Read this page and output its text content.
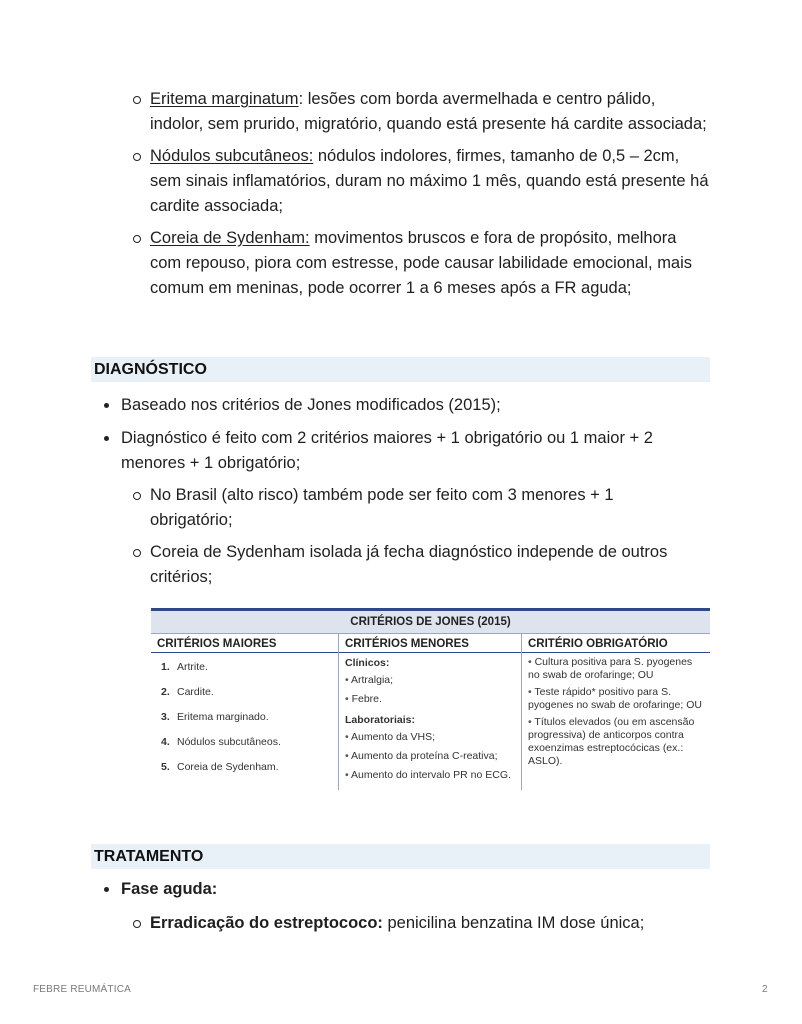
Eritema marginatum: lesões com borda avermelhada e centro pálido, indolor, sem prurido, migratório, quando está presente há cardite associada;
Nódulos subcutâneos: nódulos indolores, firmes, tamanho de 0,5 – 2cm, sem sinais inflamatórios, duram no máximo 1 mês, quando está presente há cardite associada;
Coreia de Sydenham: movimentos bruscos e fora de propósito, melhora com repouso, piora com estresse, pode causar labilidade emocional, mais comum em meninas, pode ocorrer 1 a 6 meses após a FR aguda;
DIAGNÓSTICO
Baseado nos critérios de Jones modificados (2015);
Diagnóstico é feito com 2 critérios maiores + 1 obrigatório ou 1 maior + 2 menores + 1 obrigatório;
No Brasil (alto risco) também pode ser feito com 3 menores + 1 obrigatório;
Coreia de Sydenham isolada já fecha diagnóstico independe de outros critérios;
CRITÉRIOS DE JONES (2015)
CRITÉRIOS MAIORES
1. Artrite.
2. Cardite.
3. Eritema marginado.
4. Nódulos subcutâneos.
5. Coreia de Sydenham.
CRITÉRIOS MENORES
Clínicos:
• Artralgia;
• Febre.
Laboratoriais:
• Aumento da VHS;
• Aumento da proteína C-reativa;
• Aumento do intervalo PR no ECG.
CRITÉRIO OBRIGATÓRIO
• Cultura positiva para S. pyogenes no swab de orofaringe; OU
• Teste rápido* positivo para S. pyogenes no swab de orofaringe; OU
• Títulos elevados (ou em ascensão progressiva) de anticorpos contra exoenzimas estreptocócicas (ex.: ASLO).
TRATAMENTO
Fase aguda:
Erradicação do estreptococo: penicilina benzatina IM dose única;
FEBRE REUMÁTICA	2
